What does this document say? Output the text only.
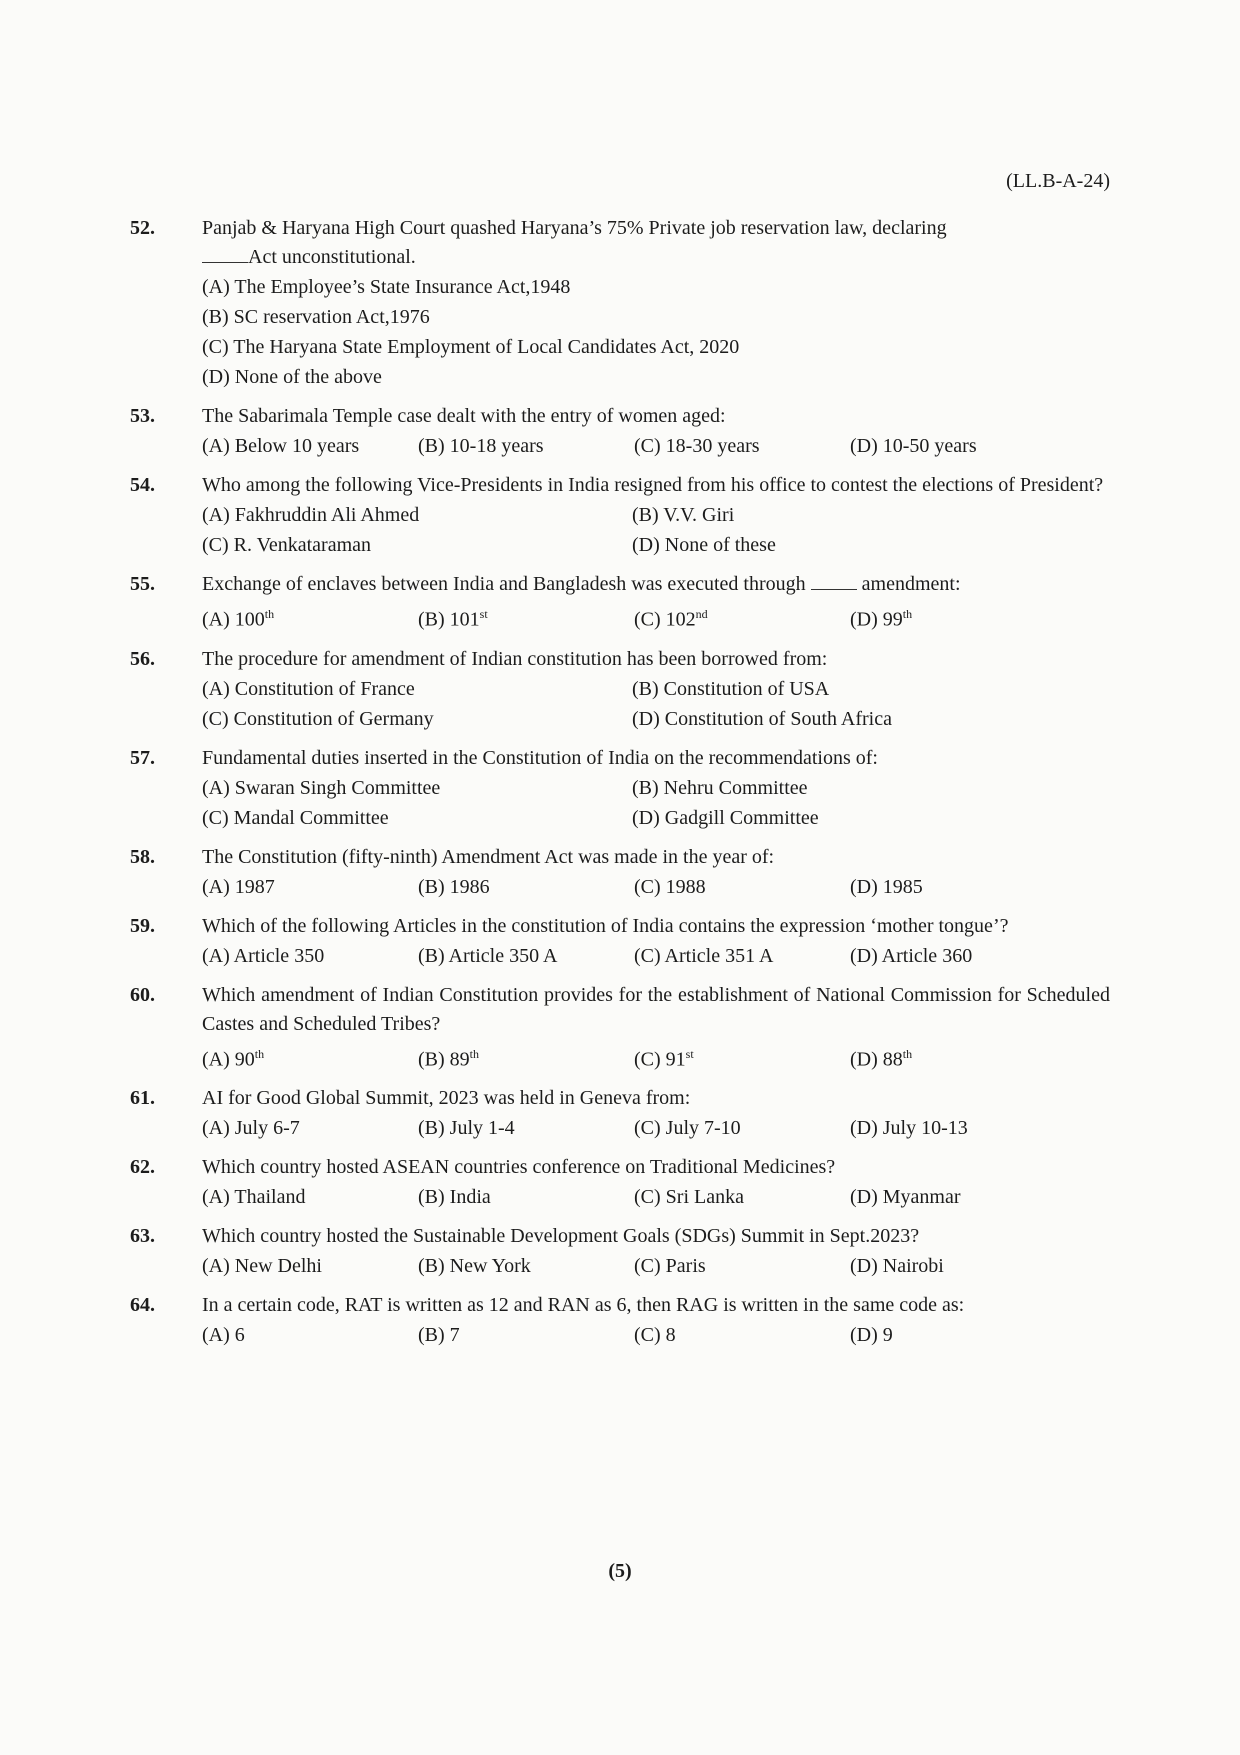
(LL.B-A-24)
52.	Panjab & Haryana High Court quashed Haryana’s 75% Private job reservation law, declaring
Act unconstitutional.
(A) The Employee’s State Insurance Act,1948
(B) SC reservation Act,1976
(C) The Haryana State Employment of Local Candidates Act, 2020
(D) None of the above
53.	The Sabarimala Temple case dealt with the entry of women aged:
(A) Below 10 years	(B) 10-18 years	(C) 18-30 years	(D) 10-50 years
54.	Who among the following Vice-Presidents in India resigned from his office to contest the elections of President?
(A) Fakhruddin Ali Ahmed	(B) V.V. Giri
(C) R. Venkataraman	(D) None of these
55.	Exchange of enclaves between India and Bangladesh was executed through	amendment:
(A) 100th	(B) 101st	(C) 102nd	(D) 99th
56.	The procedure for amendment of Indian constitution has been borrowed from:
(A) Constitution of France	(B) Constitution of USA
(C) Constitution of Germany	(D) Constitution of South Africa
57.	Fundamental duties inserted in the Constitution of India on the recommendations of:
(A) Swaran Singh Committee	(B) Nehru Committee
(C) Mandal Committee	(D) Gadgill Committee
58.	The Constitution (fifty-ninth) Amendment Act was made in the year of:
(A) 1987	(B) 1986	(C) 1988	(D) 1985
59.	Which of the following Articles in the constitution of India contains the expression ‘mother tongue’?
(A) Article 350	(B) Article 350 A	(C) Article 351 A	(D) Article 360
60.	Which amendment of Indian Constitution provides for the establishment of National Commission for Scheduled Castes and Scheduled Tribes?
(A) 90th	(B) 89th	(C) 91st	(D) 88th
61.	AI for Good Global Summit, 2023 was held in Geneva from:
(A) July 6-7	(B) July 1-4	(C) July 7-10	(D) July 10-13
62.	Which country hosted ASEAN countries conference on Traditional Medicines?
(A) Thailand	(B) India	(C) Sri Lanka	(D) Myanmar
63.	Which country hosted the Sustainable Development Goals (SDGs) Summit in Sept.2023?
(A) New Delhi	(B) New York	(C) Paris	(D) Nairobi
64.	In a certain code, RAT is written as 12 and RAN as 6, then RAG is written in the same code as:
(A) 6	(B) 7	(C) 8	(D) 9
(5)
